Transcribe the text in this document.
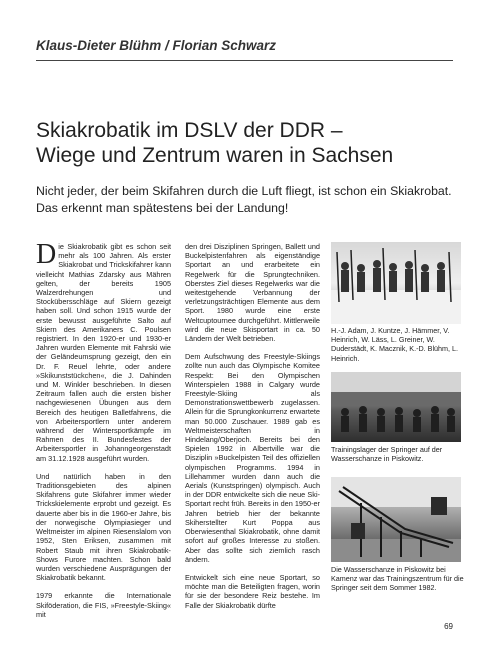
Klaus-Dieter Blühm / Florian Schwarz
Skiakrobatik im DSLV der DDR –
Wiege und Zentrum waren in Sachsen

Nicht jeder, der beim Skifahren durch die Luft fliegt, ist schon ein Skiakrobat. Das erkennt man spätestens bei der Landung!

Die Skiakrobatik gibt es schon seit mehr als 100 Jahren. Als erster Skiakrobat und Trickskifahrer kann vielleicht Mathias Zdarsky aus Mähren gelten, der bereits 1905 Walzerdrehungen und Stockübersschläge auf Skiern gezeigt haben soll. Und schon 1915 wurde der erste bewusst ausgeführte Salto auf Skiern des Amerikaners C. Poulsen registriert. In den 1920-er und 1930-er Jahren wurden Elemente mit Fahrski wie der Geländeumsprung gezeigt, den ein Dr. F. Reuel lehrte, oder andere »Skikunststückchen«, die J. Dahinden und M. Winkler beschrieben. In diesen Zeitraum fallen auch die ersten bisher nachgewiesenen Übungen aus dem Bereich des heutigen Balletfahrens, die von Arbeitersportlern unter anderem während der Wintersportkämpfe im Rahmen des II. Bundesfestes der Arbeitersportler in Johanngeorgenstadt am 31.12.1928 ausgeführt wurden.

Und natürlich haben in den Traditionsgebieten des alpinen Skifahrens gute Skifahrer immer wieder Trickskielemente erprobt und gezeigt. Es dauerte aber bis in die 1960-er Jahre, bis der norwegische Olympiasieger und Weltmeister im alpinen Riesenslalom von 1952, Sten Eriksen, zusammen mit Robert Staub mit ihren Skiakrobatik-Shows Furore machten. Schon bald wurden verschiedene Ausprägungen der Skiakrobatik bekannt.

1979 erkannte die Internationale Skiföderation, die FIS, »Freestyle-Skiing« mit

den drei Disziplinen Springen, Ballett und Buckelpistenfahren als eigenständige Sportart an und erarbeitete ein Regelwerk für die Sprungtechniken. Oberstes Ziel dieses Regelwerks war die weitestgehende Verbannung der verletzungsträchtigen Elemente aus dem Sport. 1980 wurde eine erste Weltcuptournee durchgeführt. Mittlerweile wird die neue Skisportart in ca. 50 Ländern der Welt betrieben.

Dem Aufschwung des Freestyle-Skiings zollte nun auch das Olympische Komitee Respekt: Bei den Olympischen Winterspielen 1988 in Calgary wurde Freestyle-Skiing als Demonstrationswettbewerb zugelassen. Allein für die Sprungkonkurrenz erwartete man 50.000 Zuschauer. 1989 gab es Weltmeisterschaften in Hindelang/Oberjoch. Bereits bei den Spielen 1992 in Albertville war die Disziplin »Buckelpisten Teil des offiziellen olympischen Programms. 1994 in Lillehammer wurden dann auch die Aerials (Kunstspringen) olympisch. Auch in der DDR entwickelte sich die neue Ski-Sportart recht früh. Bereits in den 1950-er Jahren betrieb hier der bekannte Skiherstellter Kurt Poppa aus Oberwiesenthal Skiakrobatik, ohne damit sofort auf großes Interesse zu stoßen. Aber das sollte sich ziemlich rasch ändern.

Entwickelt sich eine neue Sportart, so möchte man die Beteiligten fragen, worin für sie der besondere Reiz bestehe. Im Falle der Skiakrobatik dürfte

H.-J. Adam, J. Kuntze, J. Hämmer, V. Heinrich, W. Läss, L. Greiner, W. Duderstädt, K. Macznik, K.-D. Blühm, L. Heinrich.
Trainingslager der Springer auf der Wasserschanze in Piskowitz.
Die Wasserschanze in Piskowitz bei Kamenz war das Trainingszentrum für die Springer seit dem Sommer 1982.
69
